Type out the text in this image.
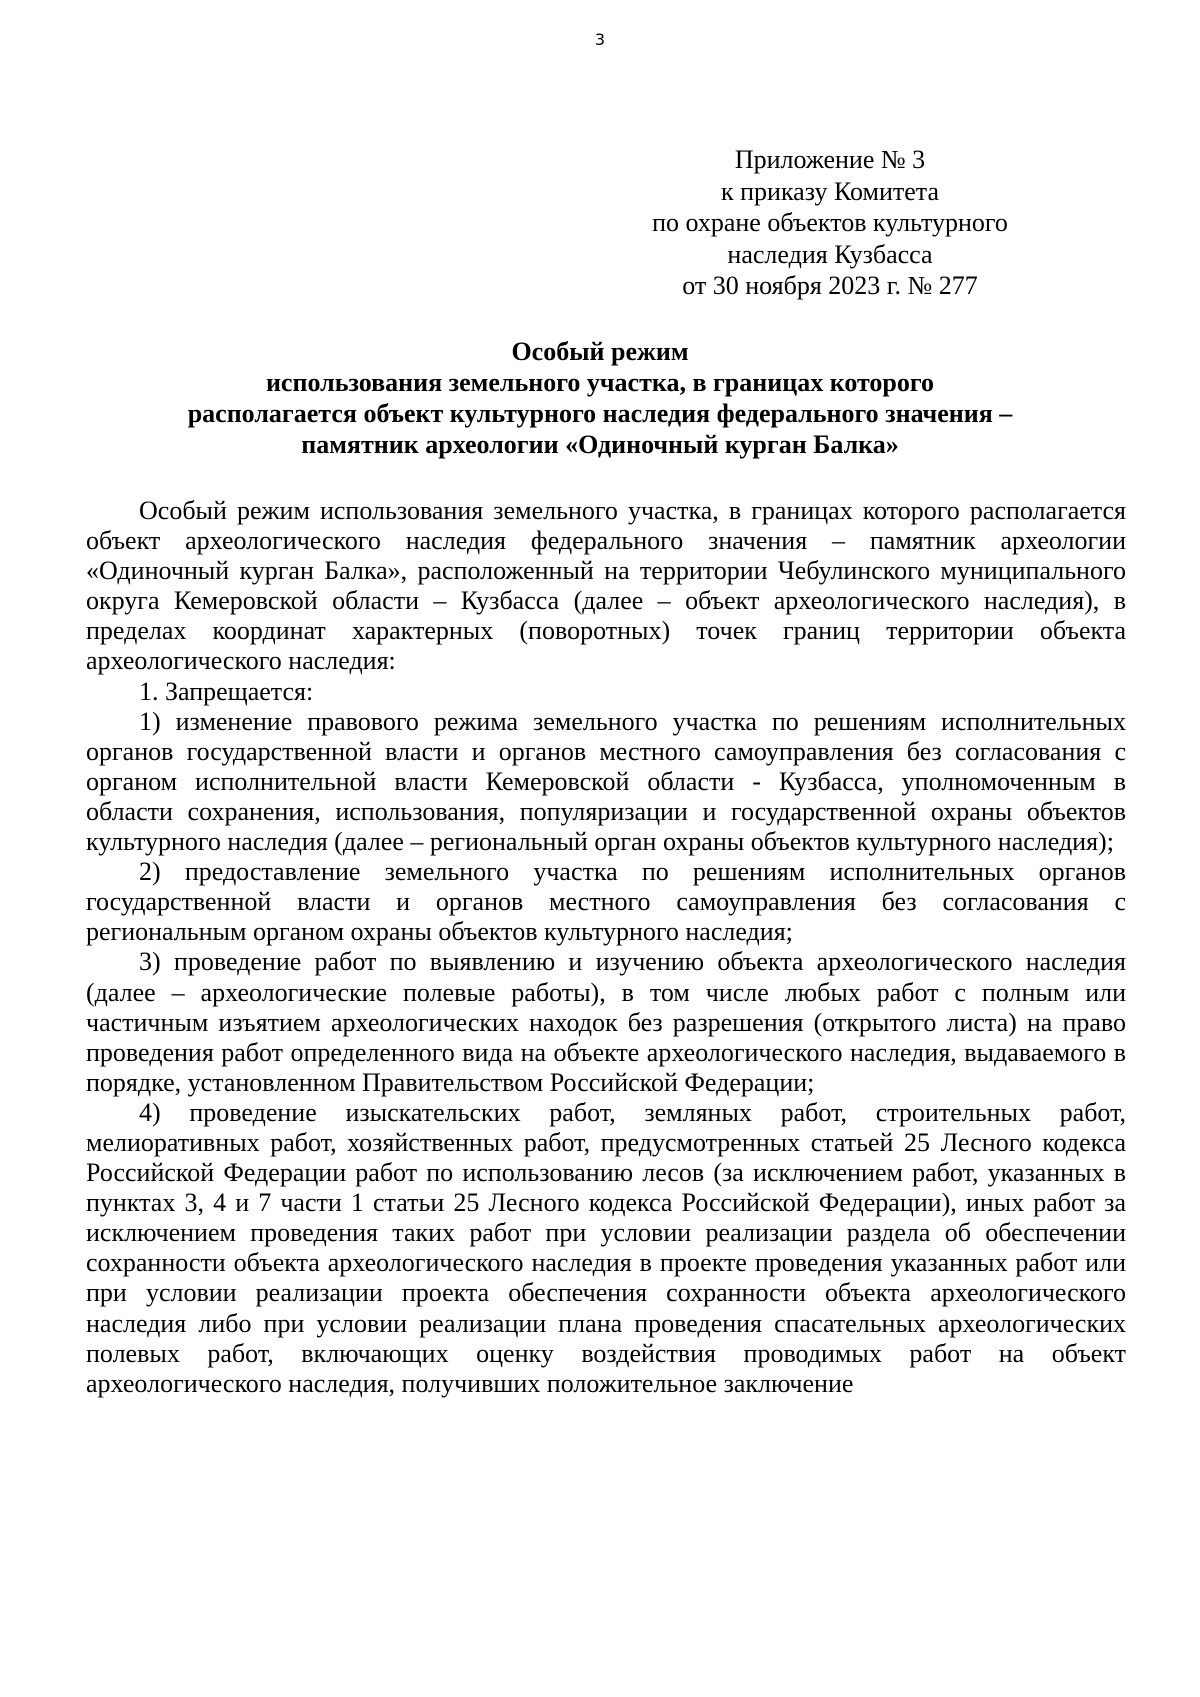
3
Приложение № 3
к приказу Комитета
по охране объектов культурного
наследия Кузбасса
от 30 ноября 2023 г. № 277
Особый режим
использования земельного участка, в границах которого
располагается объект культурного наследия федерального значения –
памятник археологии «Одиночный курган Балка»

Особый режим использования земельного участка, в границах которого располагается объект археологического наследия федерального значения – памятник археологии «Одиночный курган Балка», расположенный на территории Чебулинского муниципального округа Кемеровской области – Кузбасса (далее – объект археологического наследия), в пределах координат характерных (поворотных) точек границ территории объекта археологического наследия:

1. Запрещается:

1) изменение правового режима земельного участка по решениям исполнительных органов государственной власти и органов местного самоуправления без согласования с органом исполнительной власти Кемеровской области - Кузбасса, уполномоченным в области сохранения, использования, популяризации и государственной охраны объектов культурного наследия (далее – региональный орган охраны объектов культурного наследия);

2) предоставление земельного участка по решениям исполнительных органов государственной власти и органов местного самоуправления без согласования с региональным органом охраны объектов культурного наследия;

3) проведение работ по выявлению и изучению объекта археологического наследия (далее – археологические полевые работы), в том числе любых работ с полным или частичным изъятием археологических находок без разрешения (открытого листа) на право проведения работ определенного вида на объекте археологического наследия, выдаваемого в порядке, установленном Правительством Российской Федерации;

4) проведение изыскательских работ, земляных работ, строительных работ, мелиоративных работ, хозяйственных работ, предусмотренных статьей 25 Лесного кодекса Российской Федерации работ по использованию лесов (за исключением работ, указанных в пунктах 3, 4 и 7 части 1 статьи 25 Лесного кодекса Российской Федерации), иных работ за исключением проведения таких работ при условии реализации раздела об обеспечении сохранности объекта археологического наследия в проекте проведения указанных работ или при условии реализации проекта обеспечения сохранности объекта археологического наследия либо при условии реализации плана проведения спасательных археологических полевых работ, включающих оценку воздействия проводимых работ на объект археологического наследия, получивших положительное заключение
